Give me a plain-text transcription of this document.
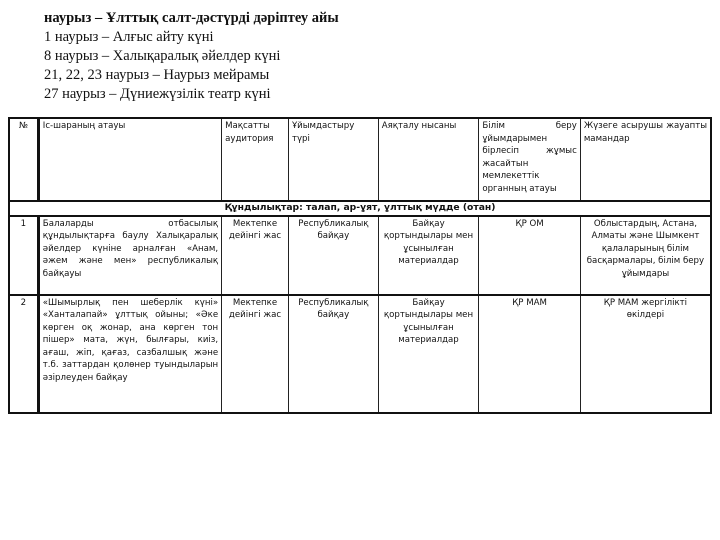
наурыз – Ұлттық салт-дәстүрді дәріптеу айы
1 наурыз – Алғыс айту күні
8 наурыз – Халықаралық әйелдер күні
21, 22, 23 наурыз – Наурыз мейрамы
27 наурыз – Дүниежүзілік театр күні
№	Іс-шараның атауы	Мақсатты аудитория	Ұйымдастыру түрі	Аяқталу нысаны	Білім беру ұйымдарымен бірлесіп жұмыс жасайтын мемлекеттік органның атауы	Жүзеге асырушы жауапты мамандар
Құндылықтар: талап, ар-ұят, ұлттық мүдде (отан)						
1	Балаларды отбасылық құндылықтарға баулу Халықаралық әйелдер күніне арналған «Анам, әжем және мен» республикалық байқауы	Мектепке дейінгі жас	Республикалық байқау	Байқау қортындылары мен ұсынылған материалдар	ҚР ОМ	Облыстардың, Астана, Алматы және Шымкент қалаларының білім басқармалары, білім беру ұйымдары
2	«Шымырлық пен шеберлік күні» «Ханталапай» ұлттық ойыны; «Әке көрген оқ жонар, ана көрген тон пішер» мата, жүн, былғары, киіз, ағаш, жіп, қағаз, сазбалшық және т.б. заттардан қолөнер туындыларын әзірлеуден байқау	Мектепке дейінгі жас	Республикалық байқау	Байқау қортындылары мен ұсынылған материалдар	ҚР МАМ	ҚР МАМ жергілікті өкілдері
